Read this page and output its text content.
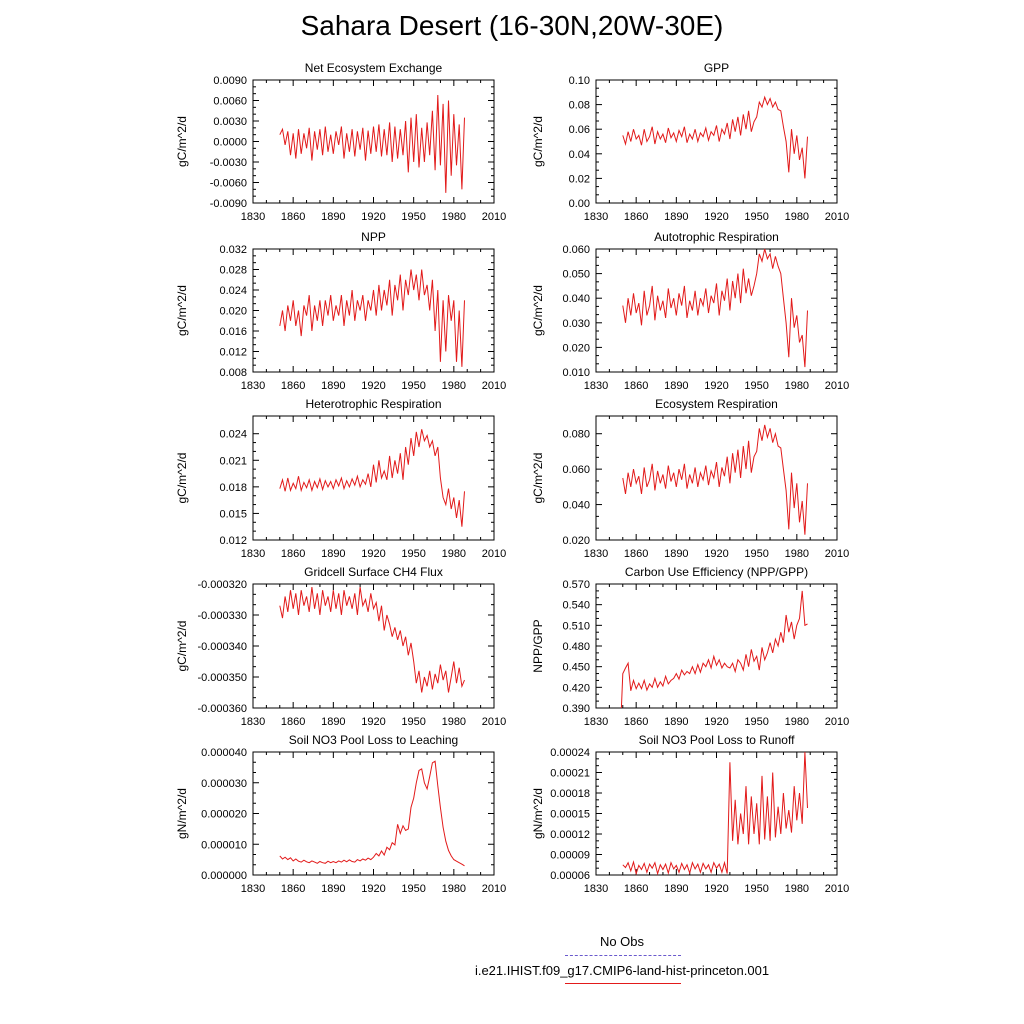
Sahara Desert (16-30N,20W-30E)
Net Ecosystem Exchange
1830 1860 1890 1920 1950 1980 2010
-0.0090
-0.0060
-0.0030
0.0000
0.0030
0.0060
0.0090
gC/m^2/d
GPP
1830 1860 1890 1920 1950 1980 2010
0.00
0.02
0.04
0.06
0.08
0.10
gC/m^2/d
NPP
1830 1860 1890 1920 1950 1980 2010
0.008
0.012
0.016
0.020
0.024
0.028
0.032
gC/m^2/d
Autotrophic Respiration
1830 1860 1890 1920 1950 1980 2010
0.010
0.020
0.030
0.040
0.050
0.060
gC/m^2/d
Heterotrophic Respiration
1830 1860 1890 1920 1950 1980 2010
0.012
0.015
0.018
0.021
0.024
gC/m^2/d
Ecosystem Respiration
1830 1860 1890 1920 1950 1980 2010
0.020
0.040
0.060
0.080
gC/m^2/d
Gridcell Surface CH4 Flux
1830 1860 1890 1920 1950 1980 2010
-0.000360
-0.000350
-0.000340
-0.000330
-0.000320
gC/m^2/d
Carbon Use Efficiency (NPP/GPP)
1830 1860 1890 1920 1950 1980 2010
0.390
0.420
0.450
0.480
0.510
0.540
0.570
NPP/GPP
Soil NO3 Pool Loss to Leaching
1830 1860 1890 1920 1950 1980 2010
0.000000
0.000010
0.000020
0.000030
0.000040
gN/m^2/d
Soil NO3 Pool Loss to Runoff
1830 1860 1890 1920 1950 1980 2010
0.00006
0.00009
0.00012
0.00015
0.00018
0.00021
0.00024
gN/m^2/d
No Obs
i.e21.IHIST.f09_g17.CMIP6-land-hist-princeton.001
